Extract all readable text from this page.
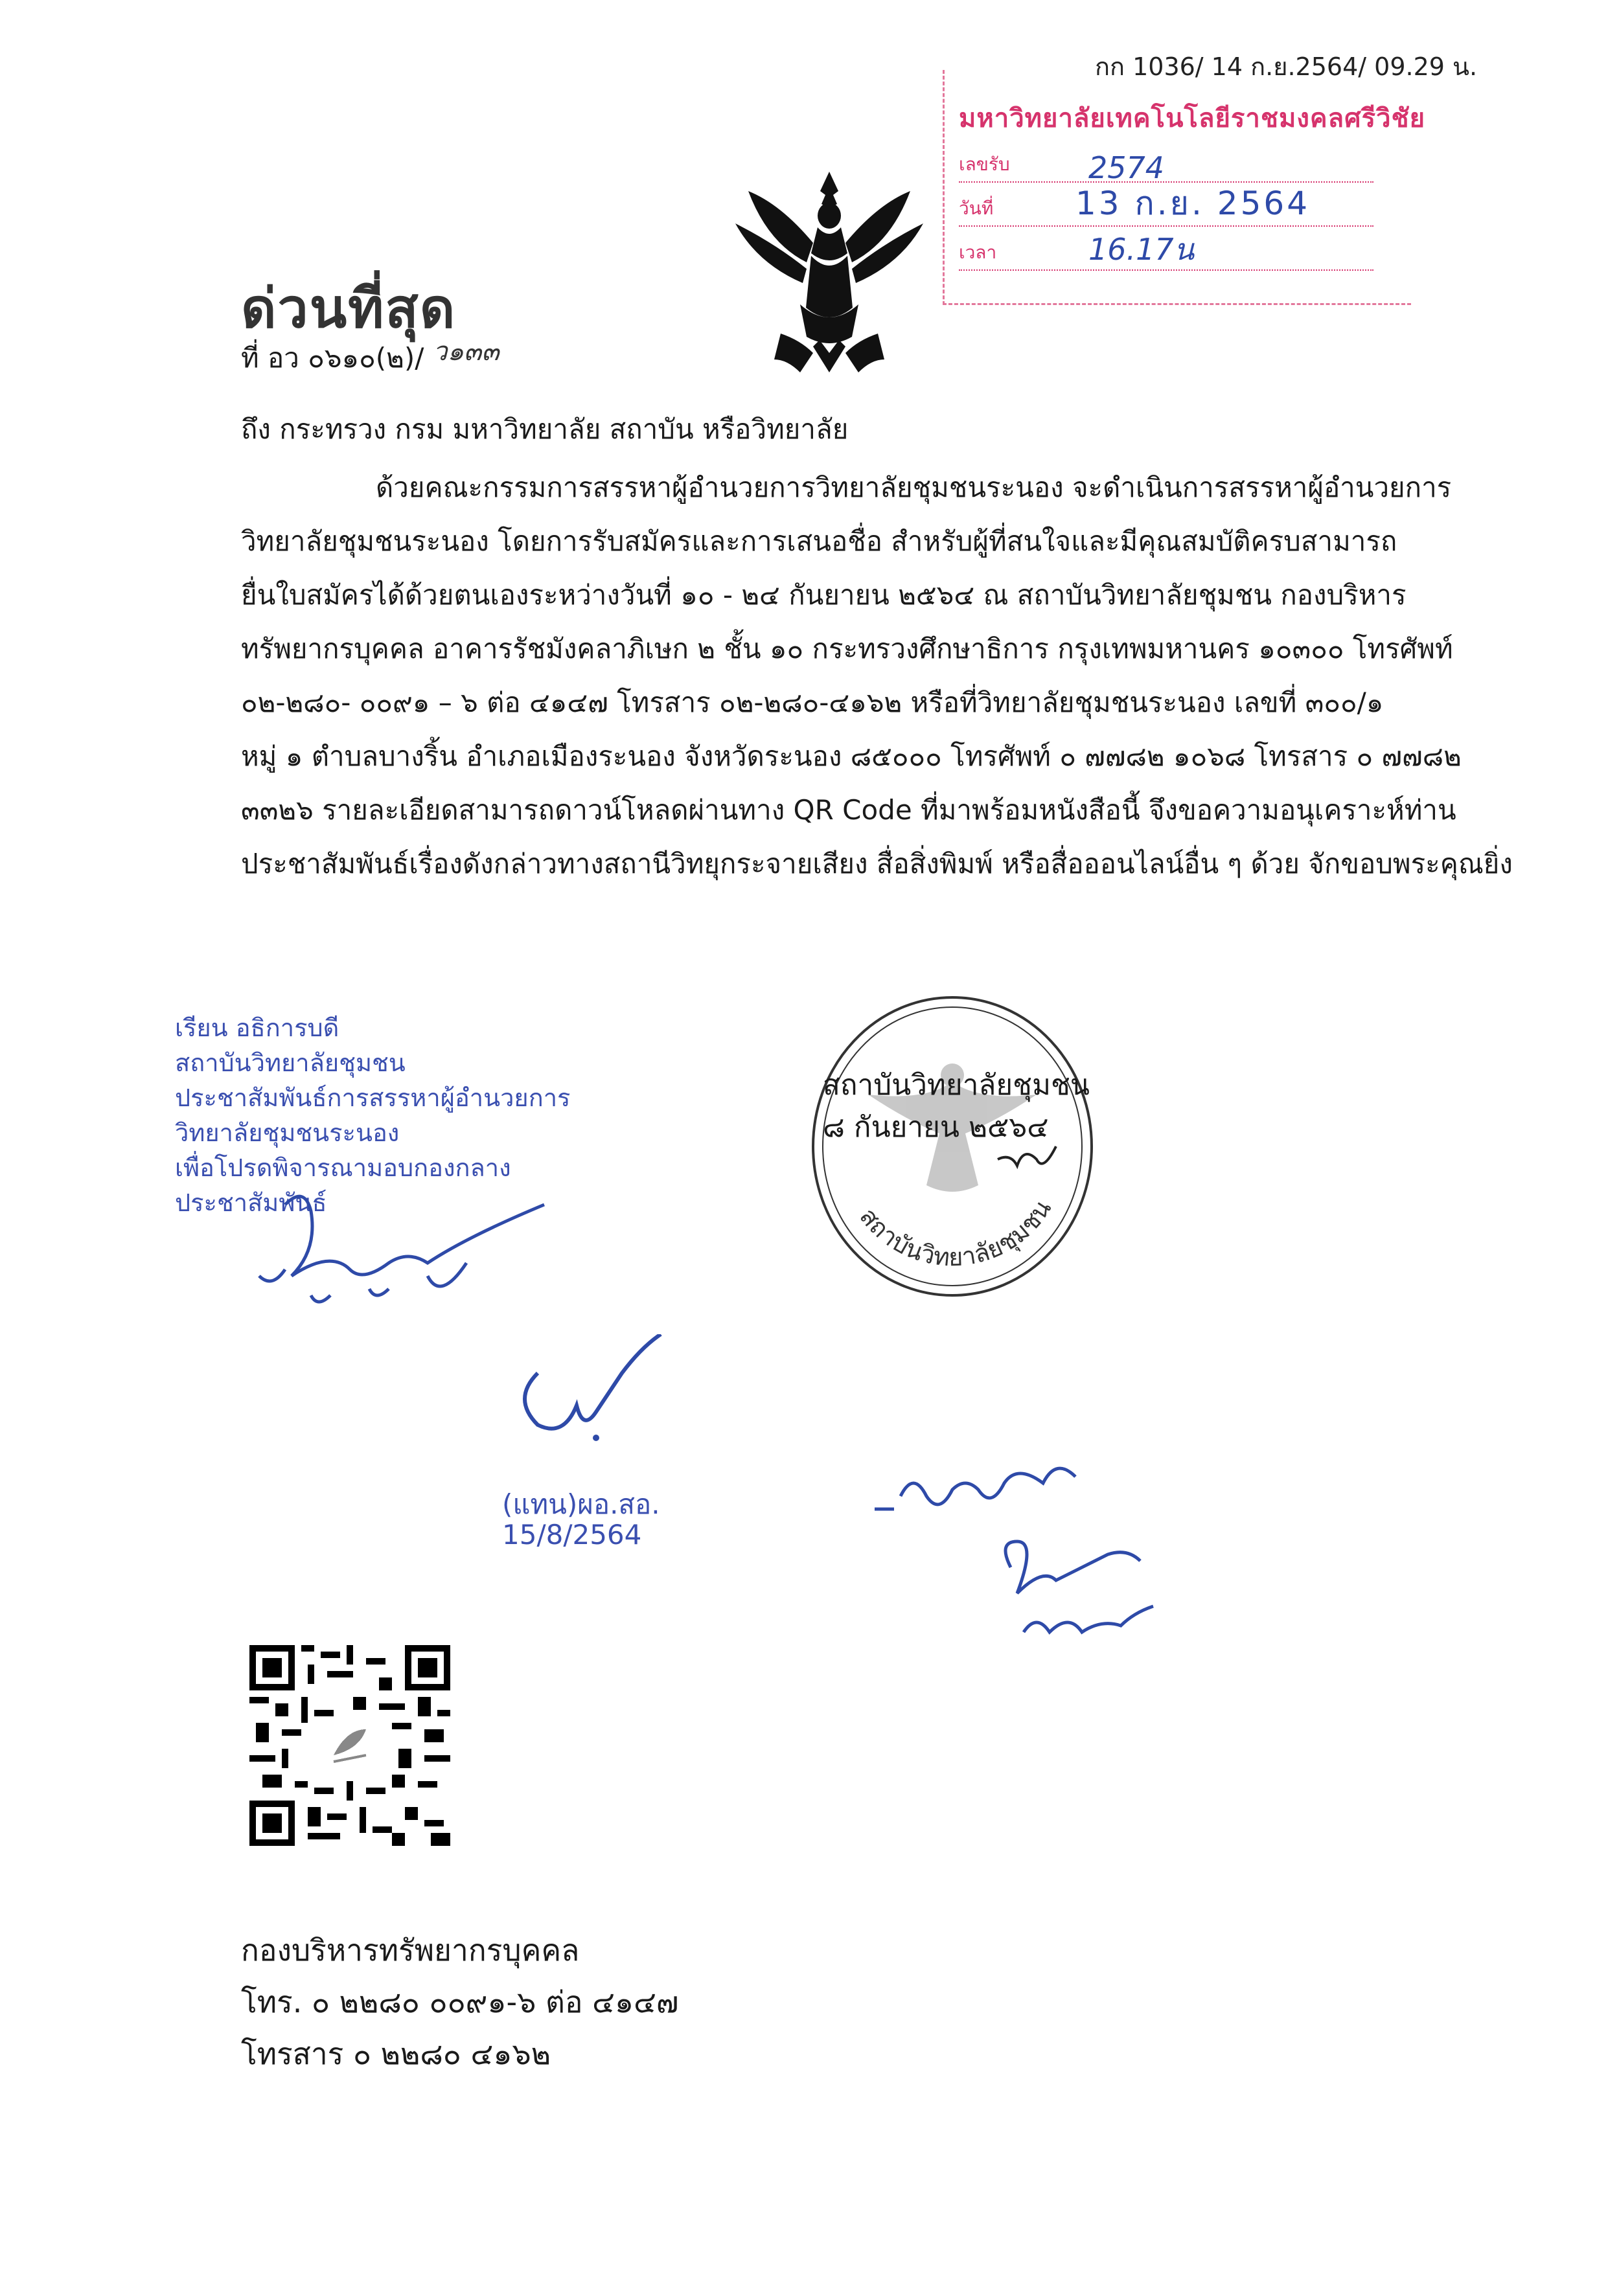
กก 1036/ 14 ก.ย.2564/ 09.29 น.
มหาวิทยาลัยเทคโนโลยีราชมงคลศรีวิชัย
เลขรับ	2574
วันที่	13 ก.ย. 2564
เวลา	16.17น
ด่วนที่สุด
ที่ อว ๐๖๑๐(๒)/ ว๑๓๓
ถึง กระทรวง กรม มหาวิทยาลัย สถาบัน หรือวิทยาลัย
ด้วยคณะกรรมการสรรหาผู้อำนวยการวิทยาลัยชุมชนระนอง จะดำเนินการสรรหาผู้อำนวยการ
วิทยาลัยชุมชนระนอง โดยการรับสมัครและการเสนอชื่อ สำหรับผู้ที่สนใจและมีคุณสมบัติครบสามารถ
ยื่นใบสมัครได้ด้วยตนเองระหว่างวันที่ ๑๐ - ๒๔ กันยายน ๒๕๖๔ ณ สถาบันวิทยาลัยชุมชน กองบริหาร
ทรัพยากรบุคคล อาคารรัชมังคลาภิเษก ๒ ชั้น ๑๐ กระทรวงศึกษาธิการ กรุงเทพมหานคร ๑๐๓๐๐ โทรศัพท์
๐๒-๒๘๐- ๐๐๙๑ – ๖ ต่อ ๔๑๔๗ โทรสาร ๐๒-๒๘๐-๔๑๖๒ หรือที่วิทยาลัยชุมชนระนอง เลขที่ ๓๐๐/๑
หมู่ ๑ ตำบลบางริ้น อำเภอเมืองระนอง จังหวัดระนอง ๘๕๐๐๐ โทรศัพท์ ๐ ๗๗๘๒ ๑๐๖๘ โทรสาร ๐ ๗๗๘๒
๓๓๒๖ รายละเอียดสามารถดาวน์โหลดผ่านทาง QR Code ที่มาพร้อมหนังสือนี้ จึงขอความอนุเคราะห์ท่าน
ประชาสัมพันธ์เรื่องดังกล่าวทางสถานีวิทยุกระจายเสียง สื่อสิ่งพิมพ์ หรือสื่อออนไลน์อื่น ๆ ด้วย จักขอบพระคุณยิ่ง
สถาบันวิทยาลัยชุมชน
สถาบันวิทยาลัยชุมชน
๘ กันยายน ๒๕๖๔
เรียน อธิการบดี
สถาบันวิทยาลัยชุมชน
ประชาสัมพันธ์การสรรหาผู้อำนวยการ
วิทยาลัยชุมชนระนอง
เพื่อโปรดพิจารณามอบกองกลาง
ประชาสัมพันธ์
(แทน)ผอ.สอ.
15/8/2564
กองบริหารทรัพยากรบุคคล
โทร. ๐ ๒๒๘๐ ๐๐๙๑-๖ ต่อ ๔๑๔๗
โทรสาร ๐ ๒๒๘๐ ๔๑๖๒
